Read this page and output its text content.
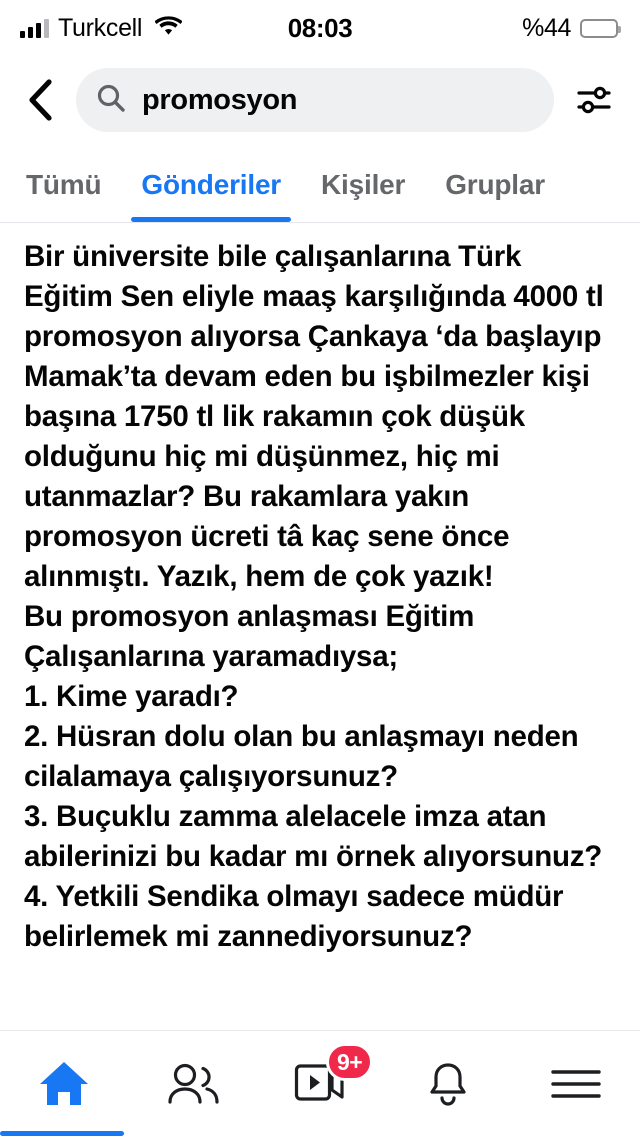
Turkcell	08:03	%44
promosyon
Tümü Gönderiler Kişiler Gruplar

Bir üniversite bile çalışanlarına Türk Eğitim Sen eliyle maaş karşılığında 4000 tl promosyon alıyorsa Çankaya ‘da başlayıp Mamak’ta devam eden bu işbilmezler kişi başına 1750 tl lik rakamın çok düşük olduğunu hiç mi düşünmez, hiç mi utanmazlar? Bu rakamlara yakın promosyon ücreti tâ kaç sene önce alınmıştı. Yazık, hem de çok yazık!

Bu promosyon anlaşması Eğitim Çalışanlarına yaramadıysa;

1. Kime yaradı?

2. Hüsran dolu olan bu anlaşmayı neden cilalamaya çalışıyorsunuz?

3. Buçuklu zamma alelacele imza atan abilerinizi bu kadar mı örnek alıyorsunuz?

4. Yetkili Sendika olmayı sadece müdür belirlemek mi zannediyorsunuz?

9+
